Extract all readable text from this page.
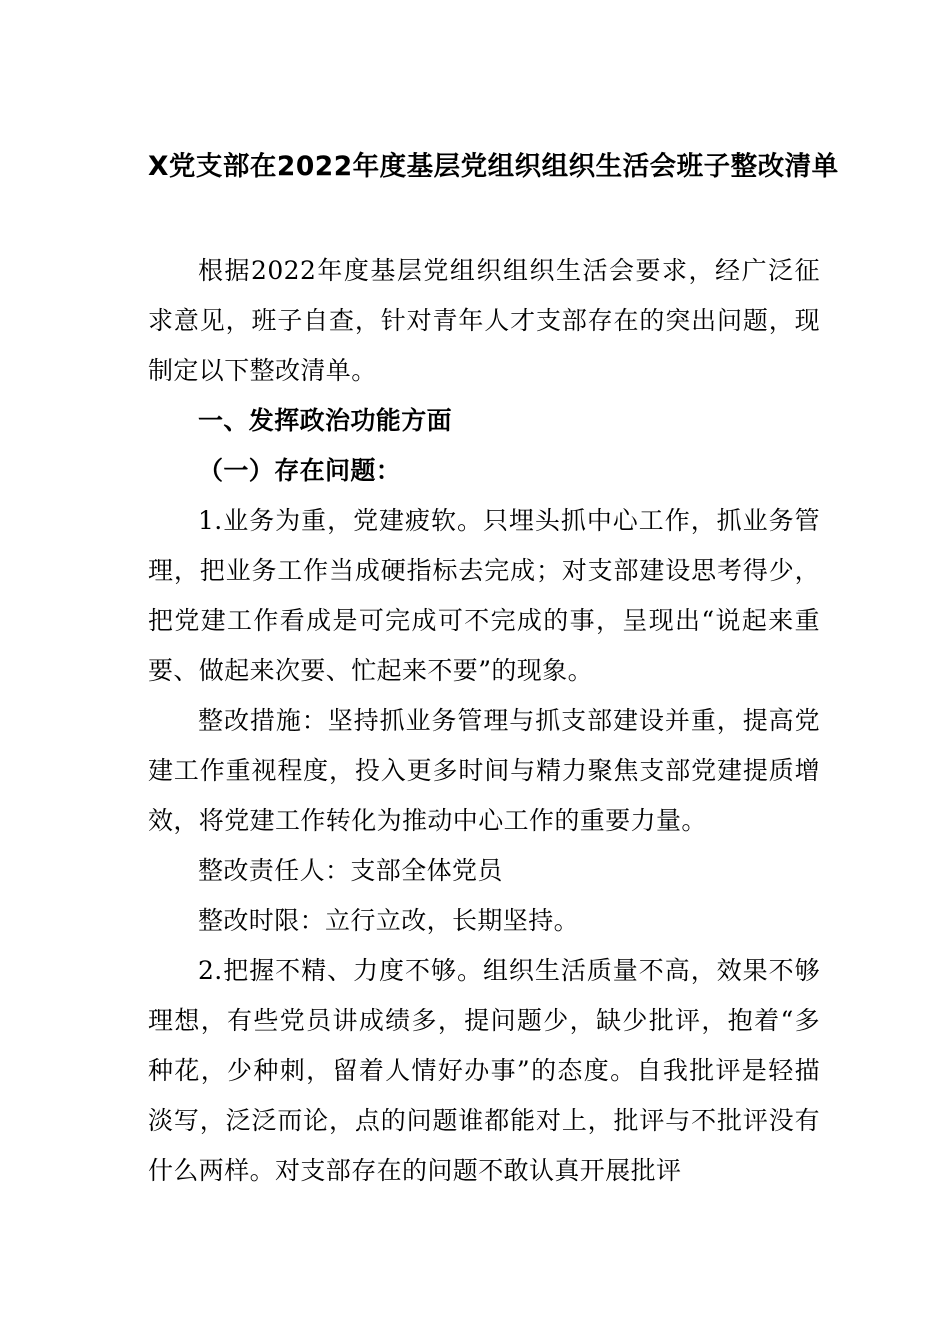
X党支部在2022年度基层党组织组织生活会班子整改清单

根据2022年度基层党组织组织生活会要求，经广泛征求意见，班子自查，针对青年人才支部存在的突出问题，现制定以下整改清单。

一、发挥政治功能方面

（一）存在问题：

1.业务为重，党建疲软。只埋头抓中心工作，抓业务管理，把业务工作当成硬指标去完成；对支部建设思考得少，把党建工作看成是可完成可不完成的事，呈现出“说起来重要、做起来次要、忙起来不要”的现象。

整改措施：坚持抓业务管理与抓支部建设并重，提高党建工作重视程度，投入更多时间与精力聚焦支部党建提质增效，将党建工作转化为推动中心工作的重要力量。

整改责任人：支部全体党员

整改时限：立行立改，长期坚持。

2.把握不精、力度不够。组织生活质量不高，效果不够理想，有些党员讲成绩多，提问题少，缺少批评，抱着“多种花，少种刺，留着人情好办事”的态度。自我批评是轻描淡写，泛泛而论，点的问题谁都能对上，批评与不批评没有什么两样。对支部存在的问题不敢认真开展批评
